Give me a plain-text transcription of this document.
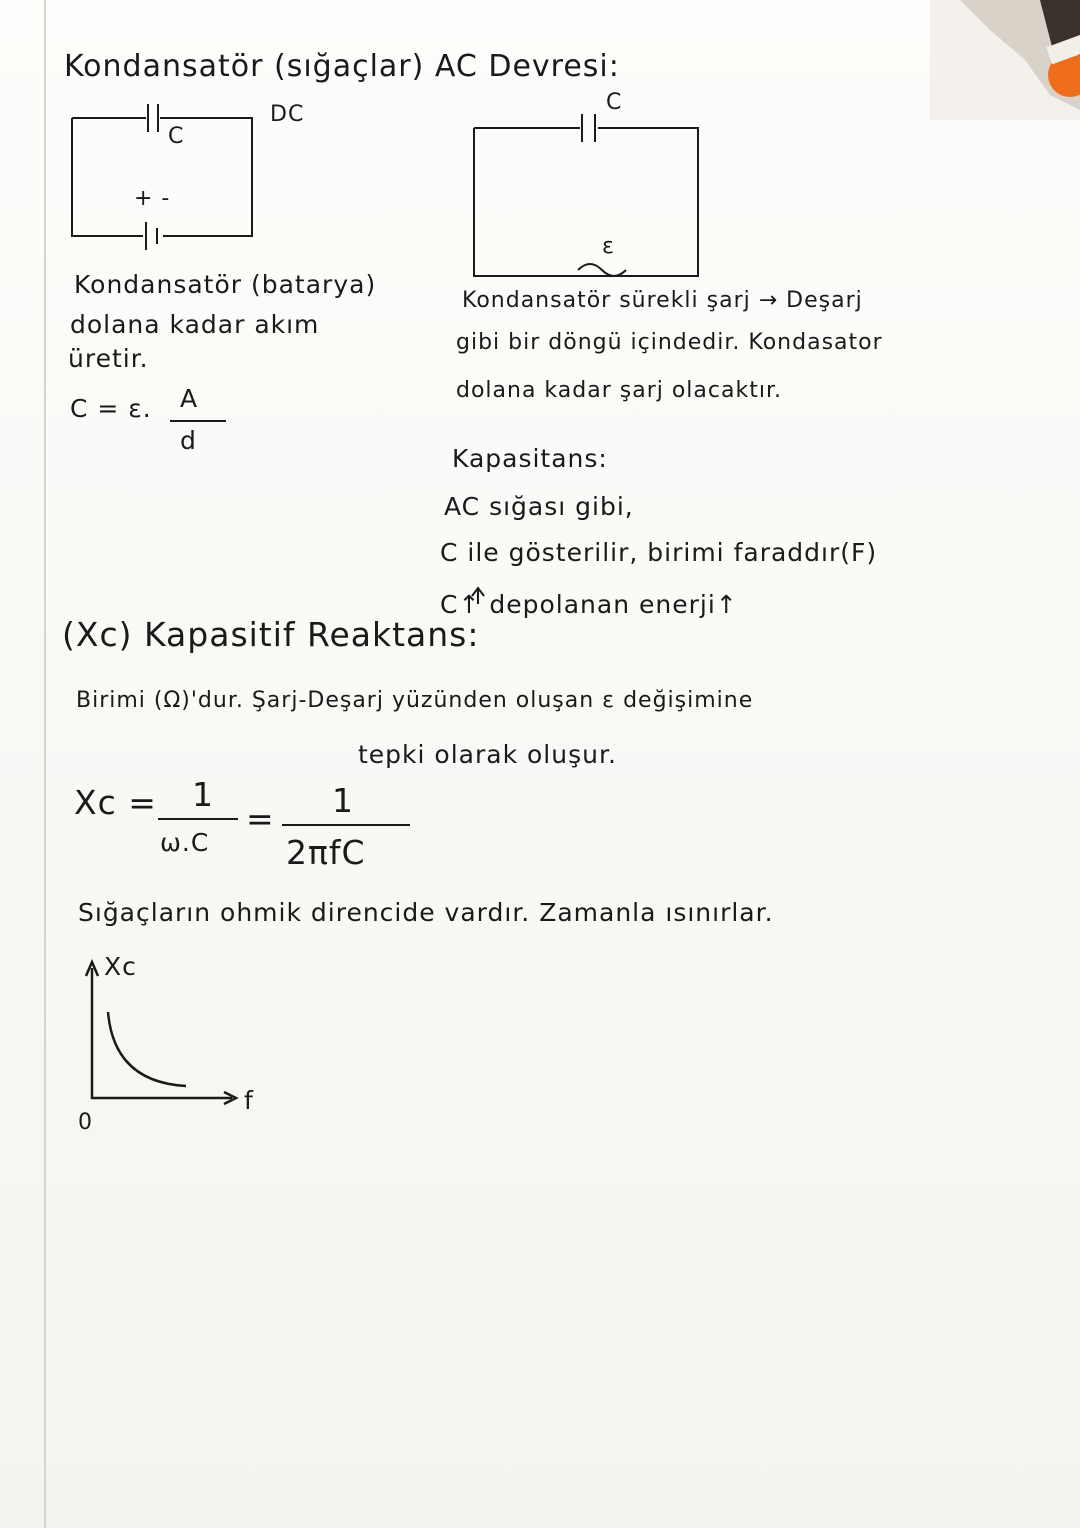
Kondansatör (sığaçlar) AC Devresi:
C
DC
+ -
Kondansatör (batarya)
dolana kadar akım
üretir.
C = ε. A
d
C
ε
Kondansatör sürekli şarj → Deşarj
gibi bir döngü içindedir. Kondasator
dolana kadar şarj olacaktır.
Kapasitans:
AC sığası gibi,
C ile gösterilir, birimi faraddır(F)
C↑ depolanan enerji↑
(Xc) Kapasitif Reaktans:
Birimi (Ω)'dur. Şarj-Deşarj yüzünden oluşan ε değişimine
tepki olarak oluşur.
Xc = 1
ω.C
= 1
2πfC
Sığaçların ohmik direncide vardır. Zamanla ısınırlar.
Xc
f
0
